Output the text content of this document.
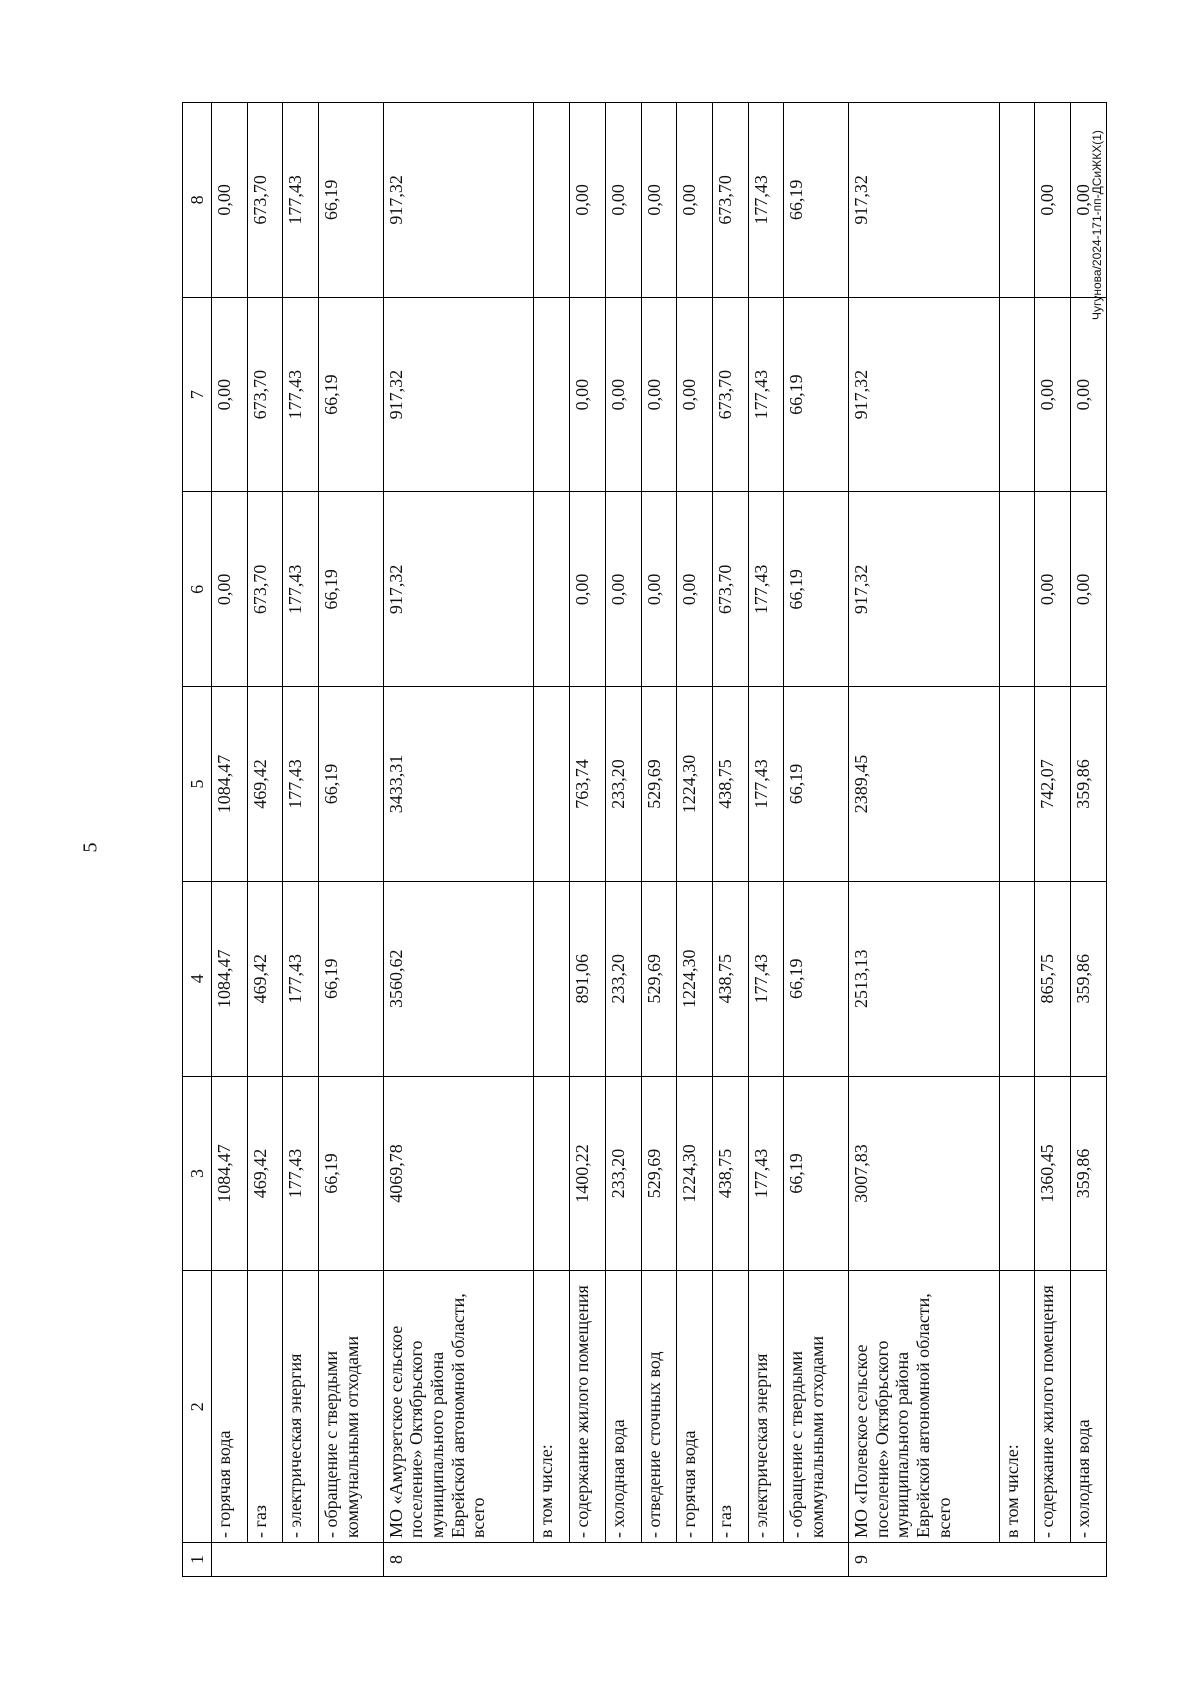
5
Чугунова/2024-171-пп-ДСиЖКХ(1)
1	2	3	4	5	6	7	8
	- горячая вода	1084,47	1084,47	1084,47	0,00	0,00	0,00
	- газ	469,42	469,42	469,42	673,70	673,70	673,70
	- электрическая энергия	177,43	177,43	177,43	177,43	177,43	177,43
	- обращение с твердыми коммунальными отходами	66,19	66,19	66,19	66,19	66,19	66,19
8	МО «Амурзетское сельское поселение» Октябрьского муниципального района Еврейской автономной области, всего	4069,78	3560,62	3433,31	917,32	917,32	917,32
	в том числе:						
	- содержание жилого помещения	1400,22	891,06	763,74	0,00	0,00	0,00
	- холодная вода	233,20	233,20	233,20	0,00	0,00	0,00
	- отведение сточных вод	529,69	529,69	529,69	0,00	0,00	0,00
	- горячая вода	1224,30	1224,30	1224,30	0,00	0,00	0,00
	- газ	438,75	438,75	438,75	673,70	673,70	673,70
	- электрическая энергия	177,43	177,43	177,43	177,43	177,43	177,43
	- обращение с твердыми коммунальными отходами	66,19	66,19	66,19	66,19	66,19	66,19
9	МО «Полевское сельское поселение» Октябрьского муниципального района Еврейской автономной области, всего	3007,83	2513,13	2389,45	917,32	917,32	917,32
	в том числе:						
	- содержание жилого помещения	1360,45	865,75	742,07	0,00	0,00	0,00
	- холодная вода	359,86	359,86	359,86	0,00	0,00	0,00
